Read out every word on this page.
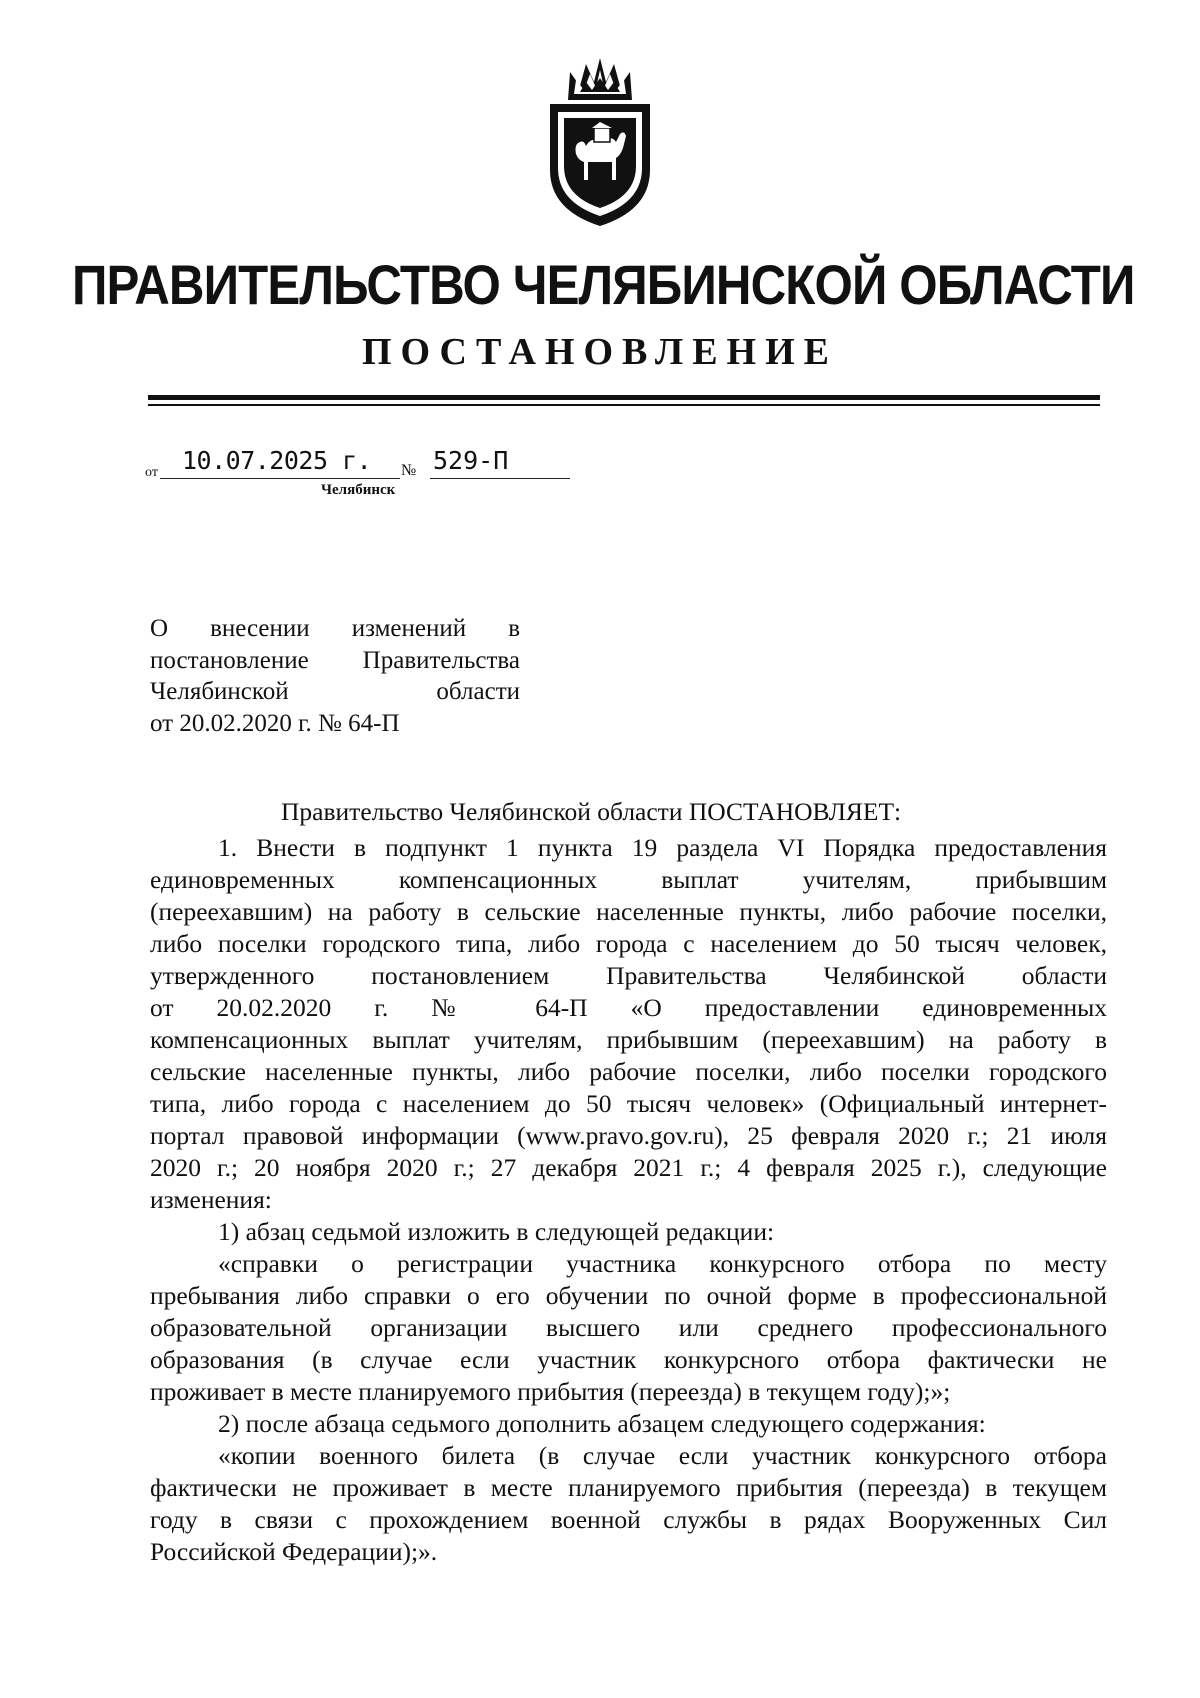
ПРАВИТЕЛЬСТВО ЧЕЛЯБИНСКОЙ ОБЛАСТИ
ПОСТАНОВЛЕНИЕ
от 10.07.2025 г. № 529-П
Челябинск
О внесении изменений в
постановление Правительства
Челябинской области
от 20.02.2020 г. № 64-П
Правительство Челябинской области ПОСТАНОВЛЯЕТ:
1. Внести в подпункт 1 пункта 19 раздела VI Порядка предоставления
единовременных компенсационных выплат учителям, прибывшим
(переехавшим) на работу в сельские населенные пункты, либо рабочие поселки,
либо поселки городского типа, либо города с населением до 50 тысяч человек,
утвержденного постановлением Правительства Челябинской области
от 20.02.2020 г. № 64-П «О предоставлении единовременных
компенсационных выплат учителям, прибывшим (переехавшим) на работу в
сельские населенные пункты, либо рабочие поселки, либо поселки городского
типа, либо города с населением до 50 тысяч человек» (Официальный интернет-
портал правовой информации (www.pravo.gov.ru), 25 февраля 2020 г.; 21 июля
2020 г.; 20 ноября 2020 г.; 27 декабря 2021 г.; 4 февраля 2025 г.), следующие
изменения:
1) абзац седьмой изложить в следующей редакции:
«справки о регистрации участника конкурсного отбора по месту
пребывания либо справки о его обучении по очной форме в профессиональной
образовательной организации высшего или среднего профессионального
образования (в случае если участник конкурсного отбора фактически не
проживает в месте планируемого прибытия (переезда) в текущем году);»;
2) после абзаца седьмого дополнить абзацем следующего содержания:
«копии военного билета (в случае если участник конкурсного отбора
фактически не проживает в месте планируемого прибытия (переезда) в текущем
году в связи с прохождением военной службы в рядах Вооруженных Сил
Российской Федерации);».
